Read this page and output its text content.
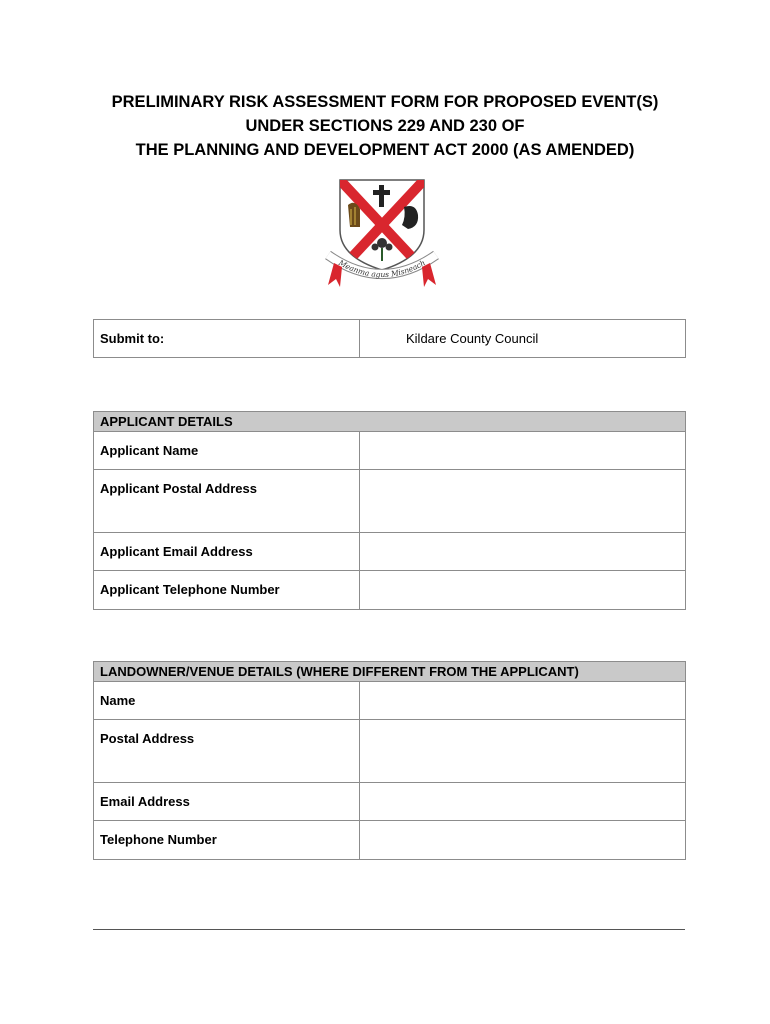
PRELIMINARY RISK ASSESSMENT FORM FOR PROPOSED EVENT(S)
UNDER SECTIONS 229 AND 230 OF
THE PLANNING AND DEVELOPMENT ACT 2000 (AS AMENDED)
Meanma agus Misneach
Submit to:	Kildare County Council
APPLICANT DETAILS	
Applicant Name	
Applicant Postal Address	
Applicant Email Address	
Applicant Telephone Number	
LANDOWNER/VENUE DETAILS (WHERE DIFFERENT FROM THE APPLICANT)	
Name	
Postal Address	
Email Address	
Telephone Number	
